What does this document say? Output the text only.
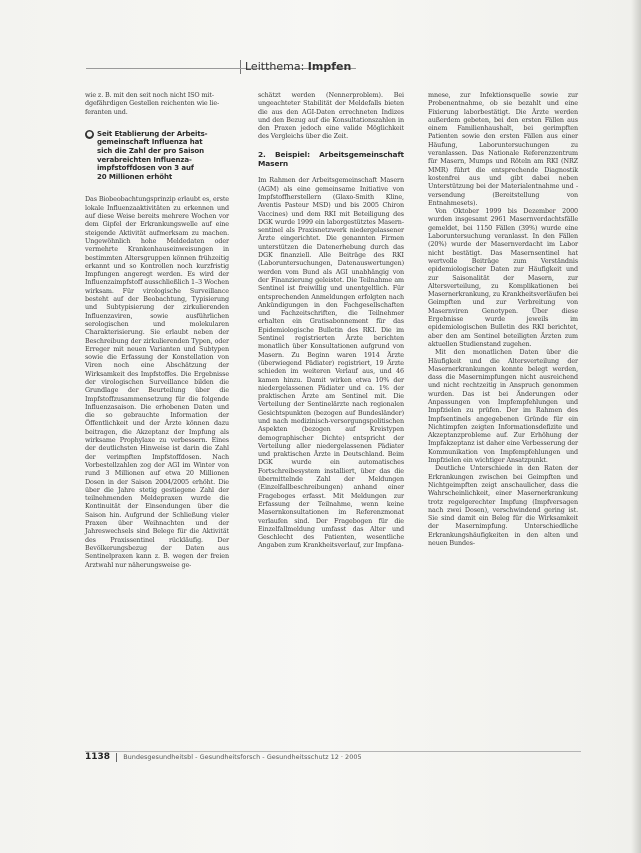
Leitthema: Impfen

wie z. B. mit den seit noch nicht ISO mit-
dgefährdigen Gestellen reichenten wie lie-
feranten und.

● Seit Etablierung der Arbeits-
gemeinschaft Influenza hat
sich die Zahl der pro Saison
verabreichten Influenza-
impfstoffdosen von 3 auf
20 Millionen erhöht

Das Biobeobachtungsprinzip erlaubt es, erste lokale Influenzaaktivitäten zu erkennen und auf diese Weise bereits mehrere Wochen vor dem Gipfel der Erkrankungswelle auf eine steigende Aktivität aufmerksam zu machen. Ungewöhnlich hohe Meldedaten oder vermehrte Krankenhauseinweisungen in bestimmten Altersgruppen können frühzeitig erkannt und so Kontrollen noch kurzfristig Impfungen angeregt werden. Es wird der Influenzaimpfstoff ausschließlich 1–3 Wochen wirksam. Für virologische Surveillance besteht auf der Beobachtung, Typisierung und Subtypisierung der zirkulierenden Influenzaviren, sowie ausführlichen serologischen und molekularen Charakterisierung. Sie erlaubt neben der Beschreibung der zirkulierenden Typen, oder Erreger mit neuen Varianten und Subtypen sowie die Erfassung der Konstellation von Viren noch eine Abschätzung der Wirksamkeit des Impfstoffes. Die Ergebnisse der virologischen Surveillance bilden die Grundlage der Beurteilung über die Impfstoffzusammensetzung für die folgende Influenzasaison. Die erhobenen Daten und die so gebrauchte Information der Öffentlichkeit und der Ärzte können dazu beitragen, die Akzeptanz der Impfung als wirksame Prophylaxe zu verbessern. Eines der deutlichsten Hinweise ist darin die Zahl der verimpften Impfstoffdosen. Nach Vorbestellzahlen zog der AGI im Winter von rund 3 Millionen auf etwa 20 Millionen Dosen in der Saison 2004/2005 erhöht. Die über die Jahre stetig gestiegene Zahl der teilnehmenden Meldepraxen wurde die Kontinuität der Einsendungen über die Saison hin. Aufgrund der Schließung vieler Praxen über Weihnachten und der Jahreswechsels sind Belege für die Aktivität des Praxissentinel rückläufig. Der Bevölkerungsbezug der Daten aus Sentinelpraxen kann z. B. wegen der freien Arztwahl nur näherungsweise ge-

schätzt werden (Nennerproblem). Bei ungeachteter Stabilität der Meldefalls bieten die aus den AGI-Daten errechneten Indizes und den Bezug auf die Konsultationszahlen in den Praxen jedoch eine valide Möglichkeit des Vergleichs über die Zeit.

2. Beispiel: Arbeitsgemeinschaft Masern

Im Rahmen der Arbeitsgemeinschaft Masern (AGM) als eine gemeinsame Initiative von Impfstoffherstellern (Glaxo-Smith Kline, Aventis Pasteur MSD) und bis 2005 Chiron Vaccines) und dem RKI mit Beteiligung des DGK wurde 1999 ein laborgestütztes Masernsentinel als Praxisnetzwerk niedergelassener Ärzte eingerichtet. Die genannten Firmen unterstützen die Datenerhebung durch das DGK finanziell. Alle Beiträge des RKI (Laboruntersuchungen, Datenauswertungen) werden vom Bund als AGI unabhängig von der Finanzierung geleistet. Die Teilnahme am Sentinel ist freiwillig und unentgeltlich. Für entsprechenden Anmeldungen erfolgten nach Ankündigungen in den Fachgesellschaften und Fachzeitschriften, die Teilnehmer erhalten ein Gratisabonnement für das Epidemiologische Bulletin des RKI. Die im Sentinel registrierten Ärzte berichten monatlich über Konsultationen aufgrund von Masern. Zu Beginn waren 1914 Ärzte (überwiegend Pädiater) registriert, 19 Ärzte schieden im weiteren Verlauf aus, und 46 kamen hinzu. Damit wirken etwa 10% der niedergelassenen Pädiater und ca. 1% der praktischen Ärzte am Sentinel mit. Die Verteilung der Sentinelärzte nach regionalen Gesichtspunkten (bezogen auf Bundesländer) und nach medizinisch-versorgungspolitischen Aspekten (bezogen auf Kreistypen demographischer Dichte) entspricht der Verteilung aller niedergelassenen Pädiater und praktischen Ärzte in Deutschland. Beim DGK wurde ein automatisches Fortschreibesystem installiert, über das die übermittelnde Zahl der Meldungen (Einzelfallbeschreibungen) anhand einer Frageboges erfasst. Mit Meldungen zur Erfassung der Teilnahme, wenn keine Masernkonsultationen im Referenzmonat verlaufen sind. Der Fragebogen für die Einzelfallmeldung umfasst das Alter und Geschlecht des Patienten, wesentliche Angaben zum Krankheitsverlauf, zur Impfana-

mnese, zur Infektionsquelle sowie zur Probenentnahme, ob sie bezahlt und eine Fixierung laborbestätigt. Die Ärzte werden außerdem gebeten, bei den ersten Fällen aus einem Familienhaushalt, bei gerimpften Patienten sowie den ersten Fällen aus einer Häufung, Laboruntersuchungen zu veranlassen. Das Nationale Referenzzentrum für Masern, Mumps und Röteln am RKI (NRZ MMR) führt die entsprechende Diagnostik kostenfrei aus und gibt dabei neben Unterstützung bei der Materialentnahme und -versendung (Bereitstellung von Entnahmesets).

Von Oktober 1999 bis Dezember 2000 wurden insgesamt 2961 Masernverdachtsfälle gemeldet, bei 1150 Fällen (39%) wurde eine Laboruntersuchung veranlasst. In den Fällen (20%) wurde der Masernverdacht im Labor nicht bestätigt. Das Masernsentinel hat wertvolle Beiträge zum Verständnis epidemiologischer Daten zur Häufigkeit und zur Saisonalität der Masern, zur Altersverteilung, zu Komplikationen bei Masernerkrankung, zu Krankheitsverläufen bei Geimpften und zur Verbreitung von Masernviren Genotypen. Über diese Ergebnisse wurde jeweils im epidemiologischen Bulletin des RKI berichtet, aber den am Sentinel beteiligten Ärzten zum aktuellen Studienstand zugehen.

Mit den monatlichen Daten über die Häufigkeit und die Altersverteilung der Masernerkrankungen konnte belegt werden, dass die Masernimpfungen nicht ausreichend und nicht rechtzeitig in Anspruch genommen wurden. Das ist bei Änderungen oder Anpassungen von Impfempfehlungen und Impfzielen zu prüfen. Der im Rahmen des Impfsentinels angegebenen Gründe für ein Nichtimpfen zeigten Informationsdefizite und Akzeptanzprobleme auf. Zur Erhöhung der Impfakzeptanz ist daher eine Verbesserung der Kommunikation von Impfempfehlungen und Impfzielen ein wichtiger Ansatzpunkt.

Deutliche Unterschiede in den Raten der Erkrankungen zwischen bei Geimpften und Nichtgeimpften zeigt anschaulicher, dass die Wahrscheinlichkeit, einer Masernerkrankung trotz regelgerechter Impfung (Impfversagen nach zwei Dosen), verschwindend gering ist. Sie sind damit ein Beleg für die Wirksamkeit der Masernimpfung. Unterschiedliche Erkrankungshäufigkeiten in den alten und neuen Bundes-

1138 Bundesgesundheitsbl - Gesundheitsforsch - Gesundheitsschutz 12 · 2005
